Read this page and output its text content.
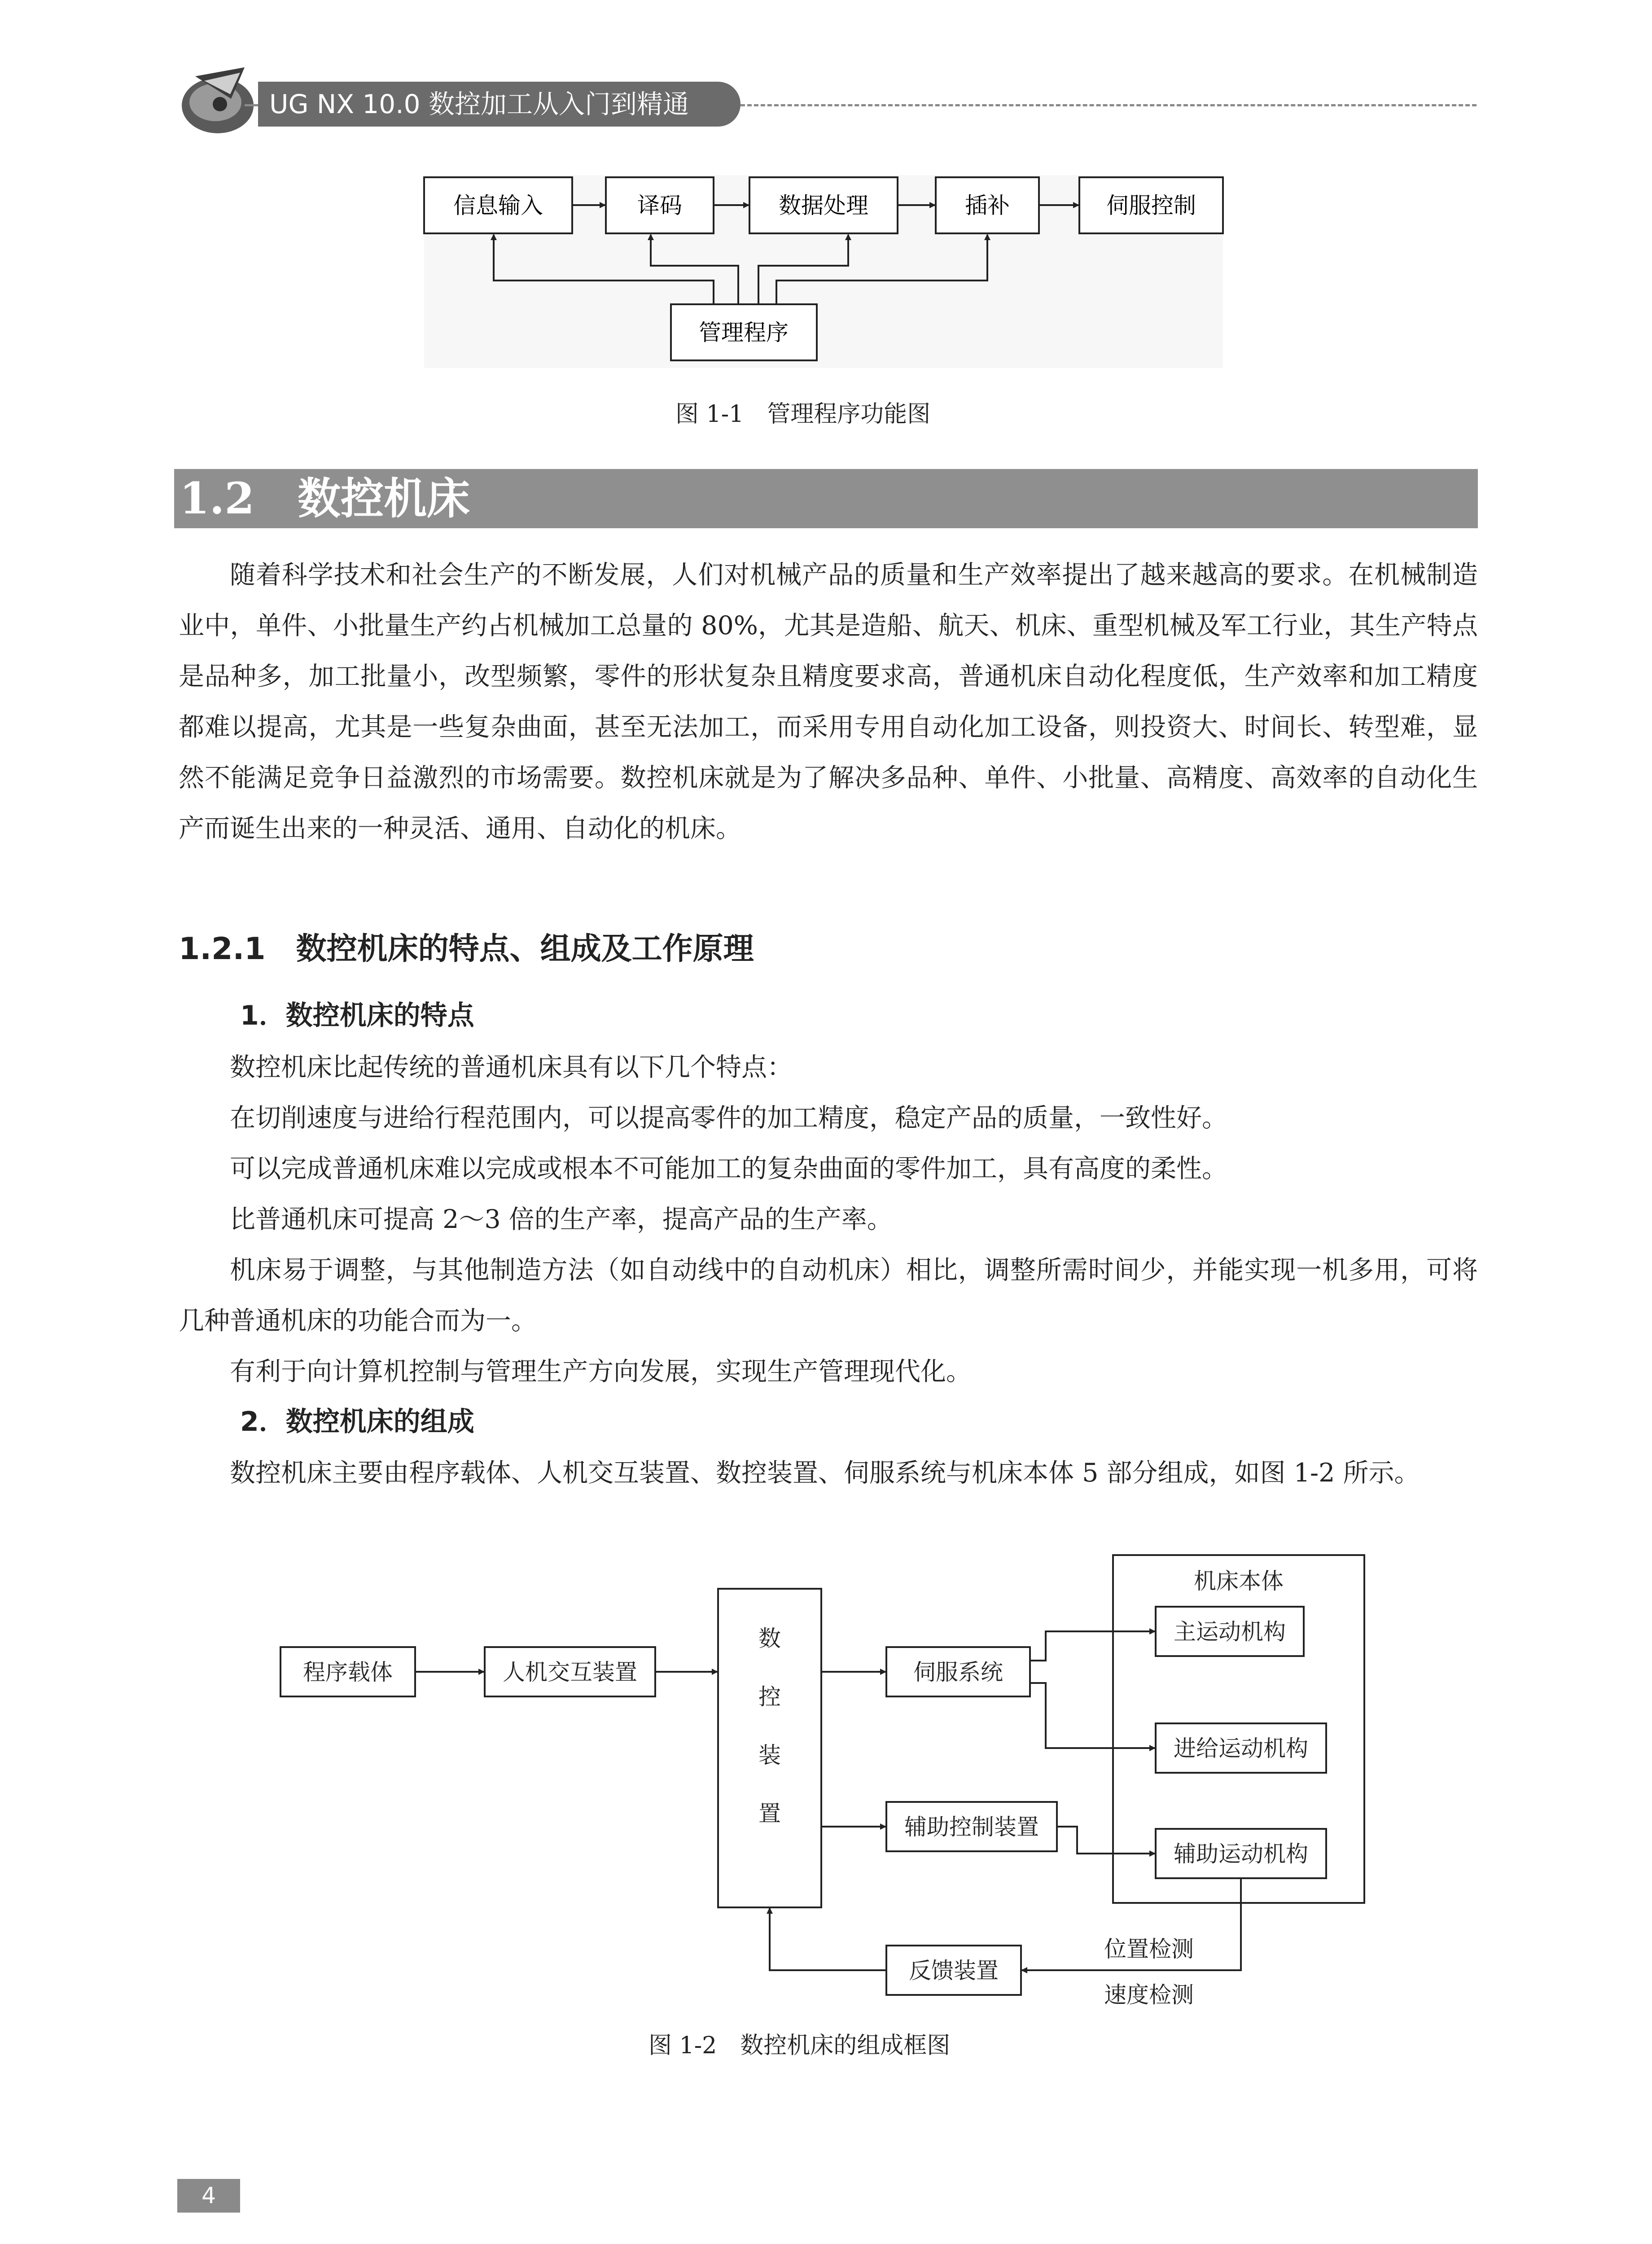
UG NX 10.0 数控加工从入门到精通
信息输入	译码	数据处理	插补	伺服控制
管理程序
图 1-1　管理程序功能图
1.2　数控机床

随着科学技术和社会生产的不断发展，人们对机械产品的质量和生产效率提出了越来越高的要求。在机械制造业中，单件、小批量生产约占机械加工总量的 80%，尤其是造船、航天、机床、重型机械及军工行业，其生产特点是品种多，加工批量小，改型频繁，零件的形状复杂且精度要求高，普通机床自动化程度低，生产效率和加工精度都难以提高，尤其是一些复杂曲面，甚至无法加工，而采用专用自动化加工设备，则投资大、时间长、转型难，显然不能满足竞争日益激烈的市场需要。数控机床就是为了解决多品种、单件、小批量、高精度、高效率的自动化生产而诞生出来的一种灵活、通用、自动化的机床。

1.2.1　数控机床的特点、组成及工作原理
1．数控机床的特点
数控机床比起传统的普通机床具有以下几个特点：
在切削速度与进给行程范围内，可以提高零件的加工精度，稳定产品的质量，一致性好。
可以完成普通机床难以完成或根本不可能加工的复杂曲面的零件加工，具有高度的柔性。
比普通机床可提高 2～3 倍的生产率，提高产品的生产率。
机床易于调整，与其他制造方法（如自动线中的自动机床）相比，调整所需时间少，并能实现一机多用，可将几种普通机床的功能合而为一。
有利于向计算机控制与管理生产方向发展，实现生产管理现代化。
2．数控机床的组成
数控机床主要由程序载体、人机交互装置、数控装置、伺服系统与机床本体 5 部分组成，如图 1-2 所示。
程序载体	人机交互装置
数
控
装
置
伺服系统
辅助控制装置
机床本体
主运动机构
进给运动机构
辅助运动机构
反馈装置
位置检测
速度检测
图 1-2　数控机床的组成框图
4
